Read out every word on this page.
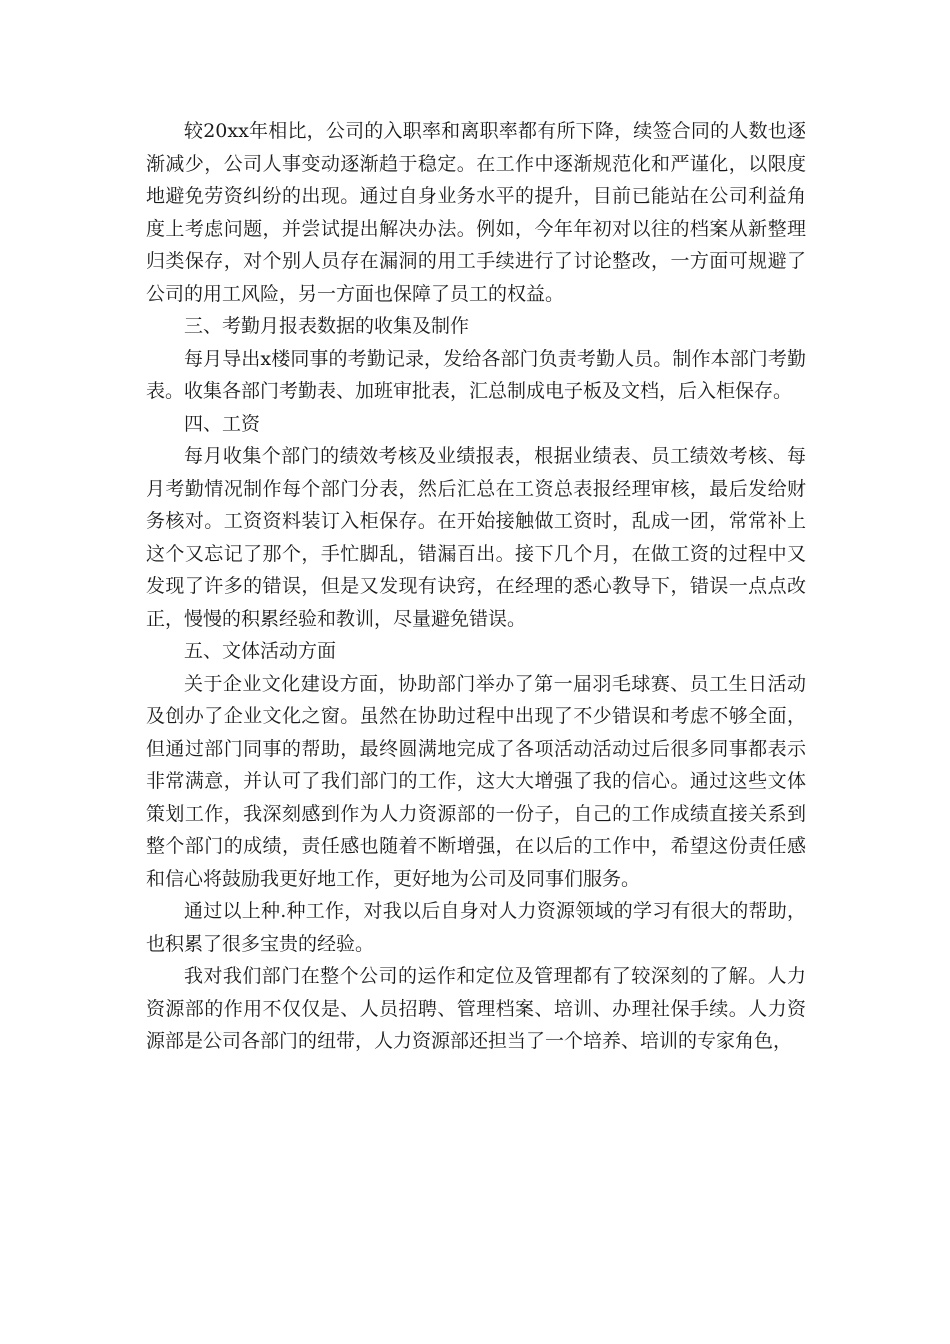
较20xx年相比，公司的入职率和离职率都有所下降，续签合同的人数也逐渐减少，公司人事变动逐渐趋于稳定。在工作中逐渐规范化和严谨化，以限度地避免劳资纠纷的出现。通过自身业务水平的提升，目前已能站在公司利益角度上考虑问题，并尝试提出解决办法。例如，今年年初对以往的档案从新整理归类保存，对个别人员存在漏洞的用工手续进行了讨论整改，一方面可规避了公司的用工风险，另一方面也保障了员工的权益。

三、考勤月报表数据的收集及制作

每月导出x楼同事的考勤记录，发给各部门负责考勤人员。制作本部门考勤表。收集各部门考勤表、加班审批表，汇总制成电子板及文档，后入柜保存。

四、工资

每月收集个部门的绩效考核及业绩报表，根据业绩表、员工绩效考核、每月考勤情况制作每个部门分表，然后汇总在工资总表报经理审核，最后发给财务核对。工资资料装订入柜保存。在开始接触做工资时，乱成一团，常常补上这个又忘记了那个，手忙脚乱，错漏百出。接下几个月，在做工资的过程中又发现了许多的错误，但是又发现有诀窍，在经理的悉心教导下，错误一点点改正，慢慢的积累经验和教训，尽量避免错误。

五、文体活动方面

关于企业文化建设方面，协助部门举办了第一届羽毛球赛、员工生日活动及创办了企业文化之窗。虽然在协助过程中出现了不少错误和考虑不够全面，但通过部门同事的帮助，最终圆满地完成了各项活动活动过后很多同事都表示非常满意，并认可了我们部门的工作，这大大增强了我的信心。通过这些文体策划工作，我深刻感到作为人力资源部的一份子，自己的工作成绩直接关系到整个部门的成绩，责任感也随着不断增强，在以后的工作中，希望这份责任感和信心将鼓励我更好地工作，更好地为公司及同事们服务。

通过以上种.种工作，对我以后自身对人力资源领域的学习有很大的帮助，也积累了很多宝贵的经验。

我对我们部门在整个公司的运作和定位及管理都有了较深刻的了解。人力资源部的作用不仅仅是、人员招聘、管理档案、培训、办理社保手续。人力资源部是公司各部门的纽带，人力资源部还担当了一个培养、培训的专家角色，
